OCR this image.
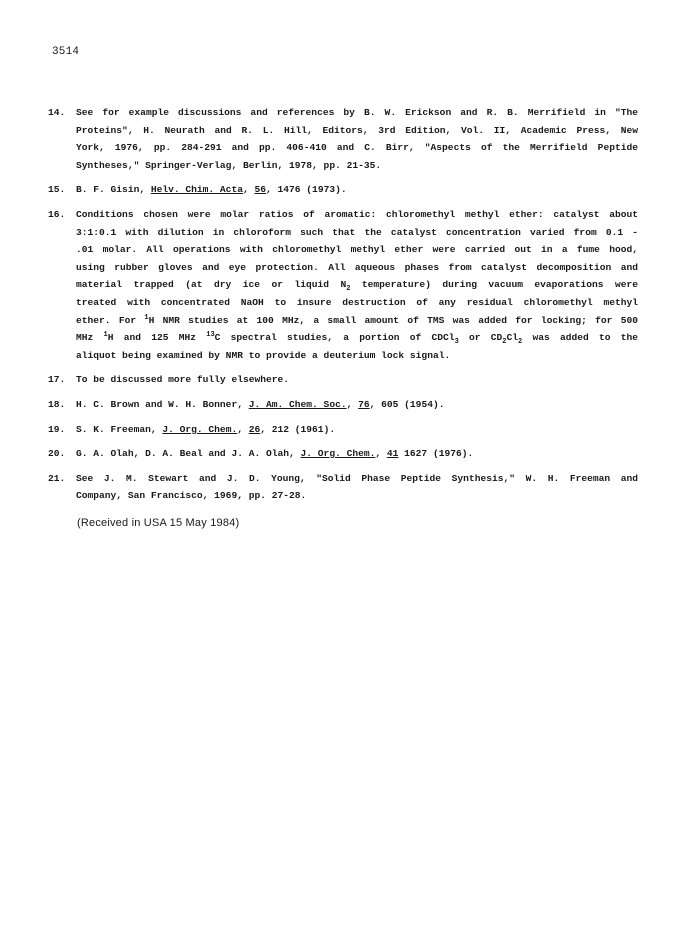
3514
14.	See for example discussions and references by B. W. Erickson and R. B. Merrifield in "The
Proteins", H. Neurath and R. L. Hill, Editors, 3rd Edition, Vol. II, Academic Press, New
York, 1976, pp. 284-291 and pp. 406-410 and C. Birr, "Aspects of the Merrifield Peptide
Syntheses," Springer-Verlag, Berlin, 1978, pp. 21-35.
15.	B. F. Gisin, Helv. Chim. Acta, 56, 1476 (1973).
16.	Conditions chosen were molar ratios of aromatic: chloromethyl methyl ether: catalyst about
3:1:0.1 with dilution in chloroform such that the catalyst concentration varied from 0.1 -
.01 molar. All operations with chloromethyl methyl ether were carried out in a fume hood,
using rubber gloves and eye protection. All aqueous phases from catalyst decomposition and
material trapped (at dry ice or liquid $N_2$ temperature) during vacuum evaporations were
treated with concentrated NaOH to insure destruction of any residual chloromethyl methyl
ether. For $^1$H NMR studies at 100 MHz, a small amount of TMS was added for locking; for 500
MHz $^1$H and 125 MHz $^{13}$C spectral studies, a portion of CDCl$_3$ or $CD_2Cl_2$ was added to the
aliquot being examined by NMR to provide a deuterium lock signal.
17.	To be discussed more fully elsewhere.
18.	H. C. Brown and W. H. Bonner, J. Am. Chem. Soc., 76, 605 (1954).
19.	S. K. Freeman, J. Org. Chem., 26, 212 (1961).
20.	G. A. Olah, D. A. Beal and J. A. Olah, J. Org. Chem., 41 1627 (1976).
21.	See J. M. Stewart and J. D. Young, "Solid Phase Peptide Synthesis," W. H. Freeman and
Company, San Francisco, 1969, pp. 27-28.
(Received in USA 15 May 1984)
